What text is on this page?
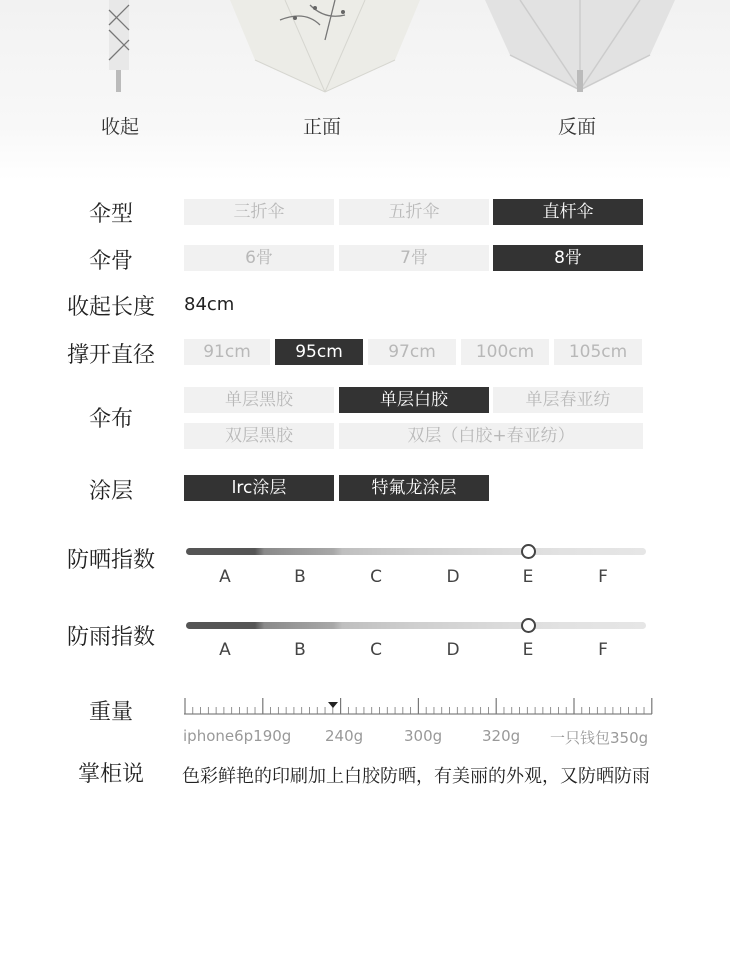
收起	正面	反面
伞型	三折伞	五折伞	直杆伞
伞骨	6骨	7骨	8骨
收起长度	84cm
撑开直径	91cm	95cm	97cm	100cm	105cm
伞布
单层黑胶	单层白胶	单层春亚纺
双层黑胶	双层（白胶+春亚纺）
涂层	lrc涂层	特氟龙涂层
防晒指数
A	B	C	D	E	F
防雨指数	A	B	C	D	E	F
重量
iphone6p190g 240g	300g	320g 一只钱包350g
掌柜说	色彩鲜艳的印刷加上白胶防晒，有美丽的外观，又防晒防雨
